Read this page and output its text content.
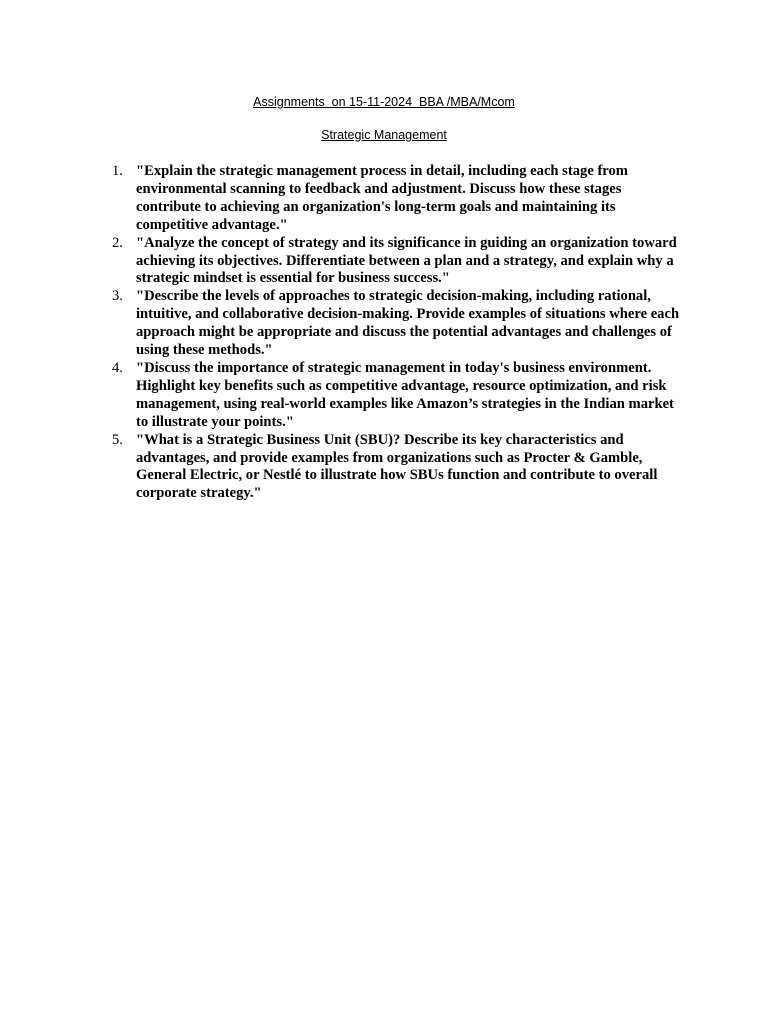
Assignments  on 15-11-2024  BBA /MBA/Mcom
Strategic Management
1. "Explain the strategic management process in detail, including each stage from environmental scanning to feedback and adjustment. Discuss how these stages contribute to achieving an organization's long-term goals and maintaining its competitive advantage."
2. "Analyze the concept of strategy and its significance in guiding an organization toward achieving its objectives. Differentiate between a plan and a strategy, and explain why a strategic mindset is essential for business success."
3. "Describe the levels of approaches to strategic decision-making, including rational, intuitive, and collaborative decision-making. Provide examples of situations where each approach might be appropriate and discuss the potential advantages and challenges of using these methods."
4. "Discuss the importance of strategic management in today's business environment. Highlight key benefits such as competitive advantage, resource optimization, and risk management, using real-world examples like Amazon’s strategies in the Indian market to illustrate your points."
5. "What is a Strategic Business Unit (SBU)? Describe its key characteristics and advantages, and provide examples from organizations such as Procter & Gamble, General Electric, or Nestlé to illustrate how SBUs function and contribute to overall corporate strategy."
